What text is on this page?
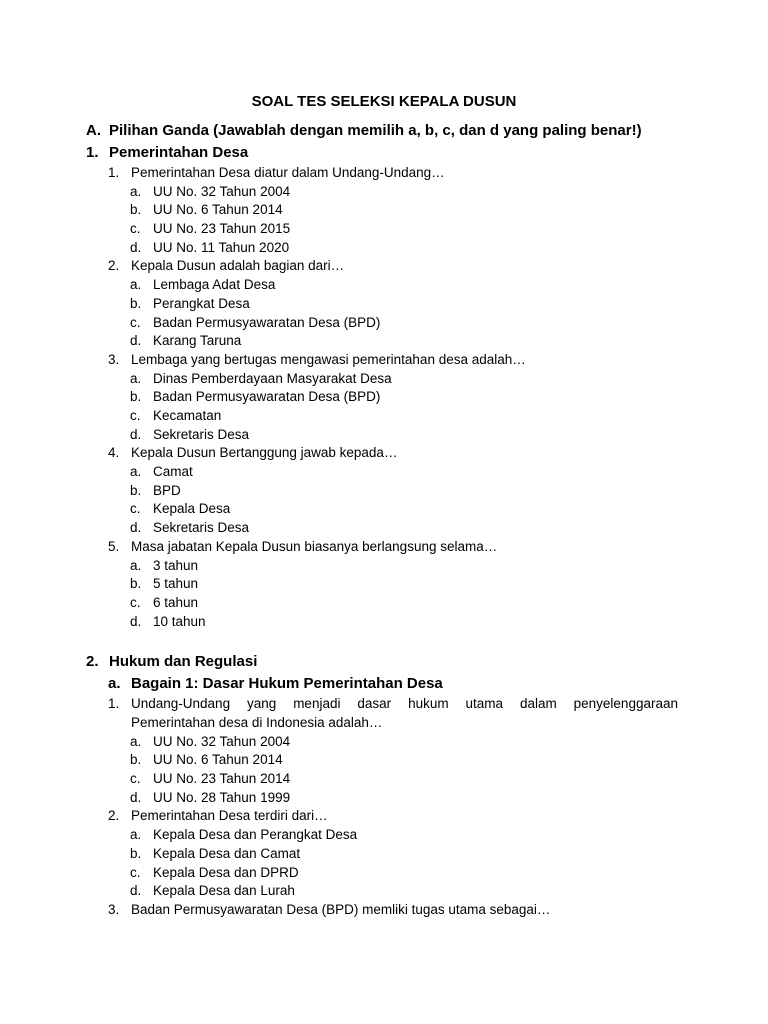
SOAL TES SELEKSI KEPALA DUSUN
A. Pilihan Ganda (Jawablah dengan memilih a, b, c, dan d yang paling benar!)
1. Pemerintahan Desa
1. Pemerintahan Desa diatur dalam Undang-Undang…
a. UU No. 32 Tahun 2004
b. UU No. 6 Tahun 2014
c. UU No. 23 Tahun 2015
d. UU No. 11 Tahun 2020
2. Kepala Dusun adalah bagian dari…
a. Lembaga Adat Desa
b. Perangkat Desa
c. Badan Permusyawaratan Desa (BPD)
d. Karang Taruna
3. Lembaga yang bertugas mengawasi pemerintahan desa adalah…
a. Dinas Pemberdayaan Masyarakat Desa
b. Badan Permusyawaratan Desa (BPD)
c. Kecamatan
d. Sekretaris Desa
4. Kepala Dusun Bertanggung jawab kepada…
a. Camat
b. BPD
c. Kepala Desa
d. Sekretaris Desa
5. Masa jabatan Kepala Dusun biasanya berlangsung selama…
a. 3 tahun
b. 5 tahun
c. 6 tahun
d. 10 tahun
2. Hukum dan Regulasi
a. Bagain 1: Dasar Hukum Pemerintahan Desa
1. Undang-Undang yang menjadi dasar hukum utama dalam penyelenggaraan
Pemerintahan desa di Indonesia adalah…
a. UU No. 32 Tahun 2004
b. UU No. 6 Tahun 2014
c. UU No. 23 Tahun 2014
d. UU No. 28 Tahun 1999
2. Pemerintahan Desa terdiri dari…
a. Kepala Desa dan Perangkat Desa
b. Kepala Desa dan Camat
c. Kepala Desa dan DPRD
d. Kepala Desa dan Lurah
3. Badan Permusyawaratan Desa (BPD) memliki tugas utama sebagai…
